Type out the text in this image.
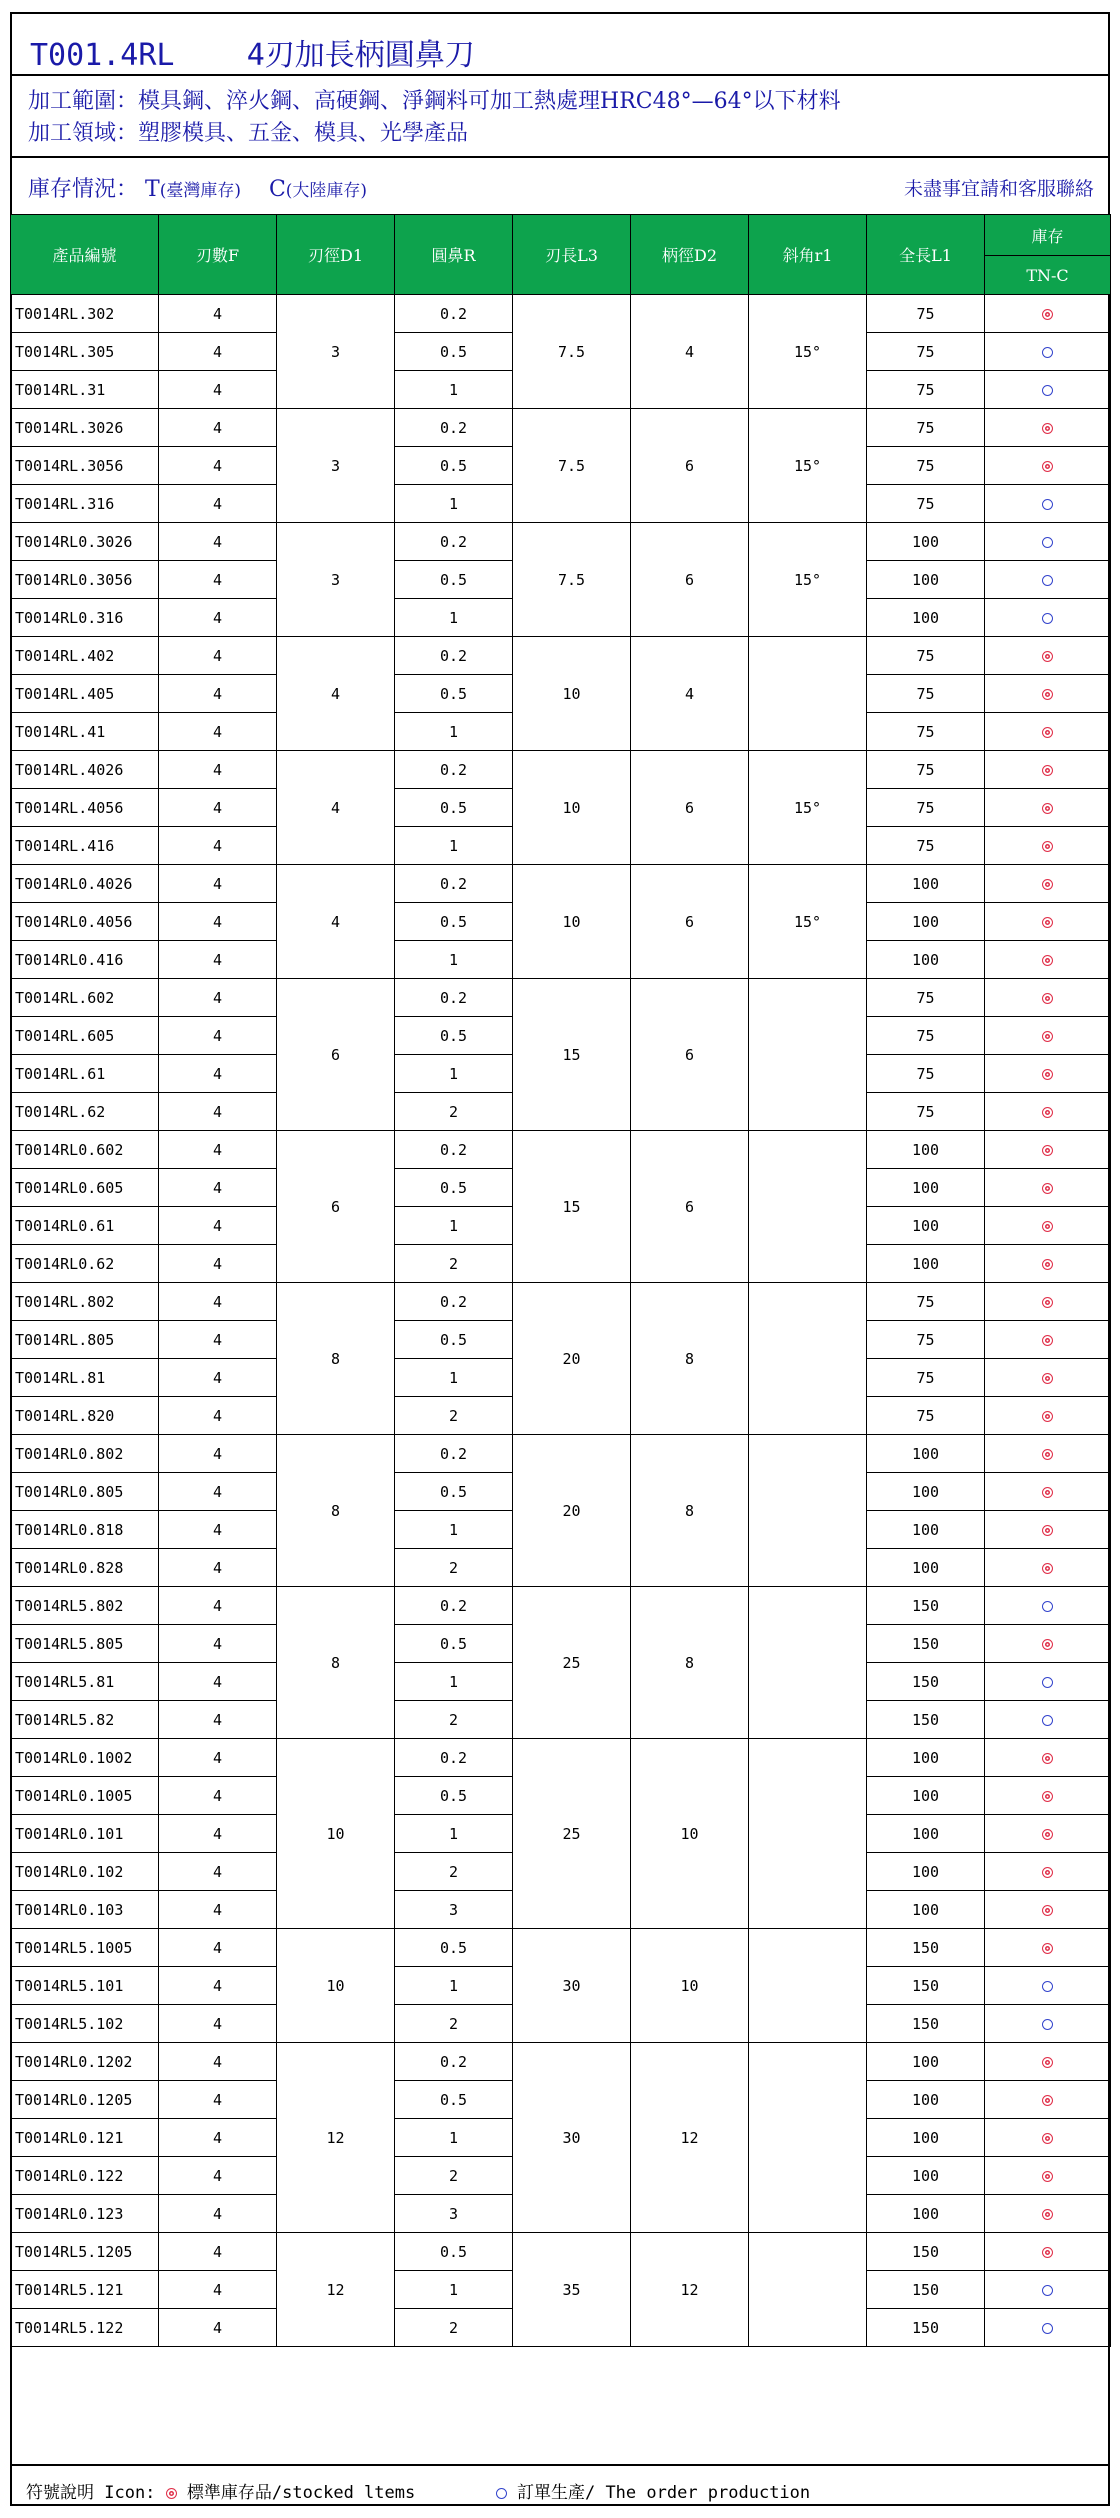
T001.4RL    4刃加長柄圓鼻刀
加工範圍：模具鋼、淬火鋼、高硬鋼、淨鋼料可加工熱處理HRC48°—64°以下材料
加工領域：塑膠模具、五金、模具、光學產品
庫存情況： T(臺灣庫存) C(大陸庫存)	未盡事宜請和客服聯絡
產品編號	刃數F	刃徑D1	圓鼻R	刃長L3	柄徑D2	斜角r1	全長L1	庫存
								TN-C
T0014RL.302	4	3	0.2	7.5	4	15°	75	
T0014RL.305	4		0.5				75	
T0014RL.31	4		1				75	
T0014RL.3026	4	3	0.2	7.5	6	15°	75	
T0014RL.3056	4		0.5				75	
T0014RL.316	4		1				75	
T0014RL0.3026	4	3	0.2	7.5	6	15°	100	
T0014RL0.3056	4		0.5				100	
T0014RL0.316	4		1				100	
T0014RL.402	4	4	0.2	10	4		75	
T0014RL.405	4		0.5				75	
T0014RL.41	4		1				75	
T0014RL.4026	4	4	0.2	10	6	15°	75	
T0014RL.4056	4		0.5				75	
T0014RL.416	4		1				75	
T0014RL0.4026	4	4	0.2	10	6	15°	100	
T0014RL0.4056	4		0.5				100	
T0014RL0.416	4		1				100	
T0014RL.602	4	6	0.2	15	6		75	
T0014RL.605	4		0.5				75	
T0014RL.61	4		1				75	
T0014RL.62	4		2				75	
T0014RL0.602	4	6	0.2	15	6		100	
T0014RL0.605	4		0.5				100	
T0014RL0.61	4		1				100	
T0014RL0.62	4		2				100	
T0014RL.802	4	8	0.2	20	8		75	
T0014RL.805	4		0.5				75	
T0014RL.81	4		1				75	
T0014RL.820	4		2				75	
T0014RL0.802	4	8	0.2	20	8		100	
T0014RL0.805	4		0.5				100	
T0014RL0.818	4		1				100	
T0014RL0.828	4		2				100	
T0014RL5.802	4	8	0.2	25	8		150	
T0014RL5.805	4		0.5				150	
T0014RL5.81	4		1				150	
T0014RL5.82	4		2				150	
T0014RL0.1002	4	10	0.2	25	10		100	
T0014RL0.1005	4		0.5				100	
T0014RL0.101	4		1				100	
T0014RL0.102	4		2				100	
T0014RL0.103	4		3				100	
T0014RL5.1005	4	10	0.5	30	10		150	
T0014RL5.101	4		1				150	
T0014RL5.102	4		2				150	
T0014RL0.1202	4	12	0.2	30	12		100	
T0014RL0.1205	4		0.5				100	
T0014RL0.121	4		1				100	
T0014RL0.122	4		2				100	
T0014RL0.123	4		3				100	
T0014RL5.1205	4	12	0.5	35	12		150	
T0014RL5.121	4		1				150	
T0014RL5.122	4		2				150	
符號說明 Icon: 標準庫存品/stocked ltems	訂單生產/ The order production
